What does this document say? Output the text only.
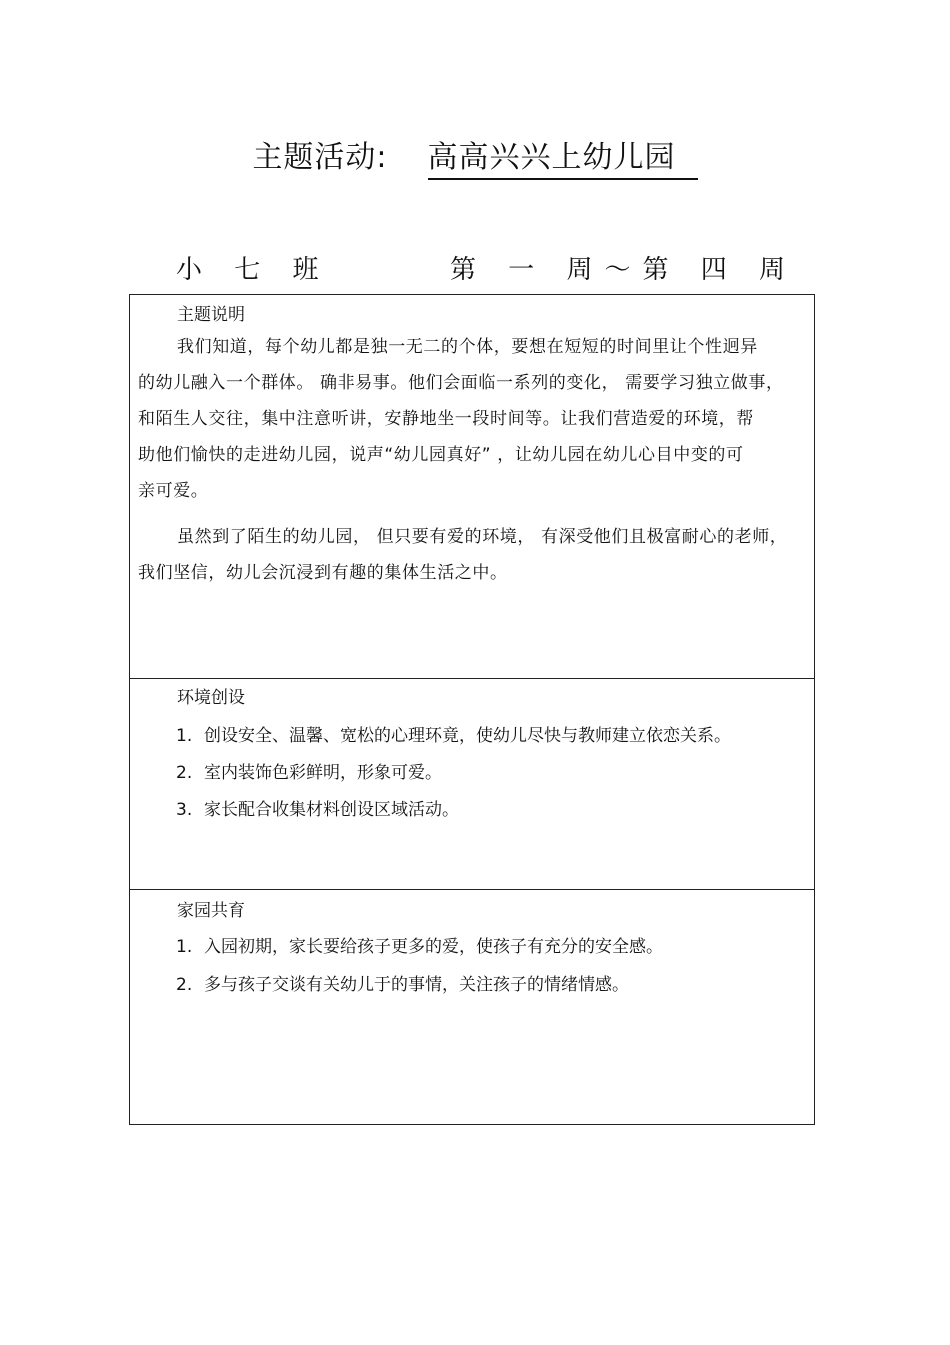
主题活动: 高高兴兴上幼儿园
小 七 班	第 一 周～第 四 周
主题说明
我们知道，每个幼儿都是独一无二的个体，要想在短短的时间里让个性迥异
的幼儿融入一个群体。 确非易事。他们会面临一系列的变化， 需要学习独立做事，
和陌生人交往，集中注意听讲，安静地坐一段时间等。让我们营造爱的环境，帮
助他们愉快的走进幼儿园，说声“幼儿园真好” ，让幼儿园在幼儿心目中变的可
亲可爱。
虽然到了陌生的幼儿园， 但只要有爱的环境， 有深受他们且极富耐心的老师，
我们坚信，幼儿会沉浸到有趣的集体生活之中。
环境创设
1. 创设安全、温馨、宽松的心理环竟，使幼儿尽快与教师建立依恋关系。
2. 室内装饰色彩鲜明，形象可爱。
3. 家长配合收集材料创设区域活动。
家园共育
1. 入园初期，家长要给孩子更多的爱，使孩子有充分的安全感。
2. 多与孩子交谈有关幼儿于的事情，关注孩子的情绪情感。
